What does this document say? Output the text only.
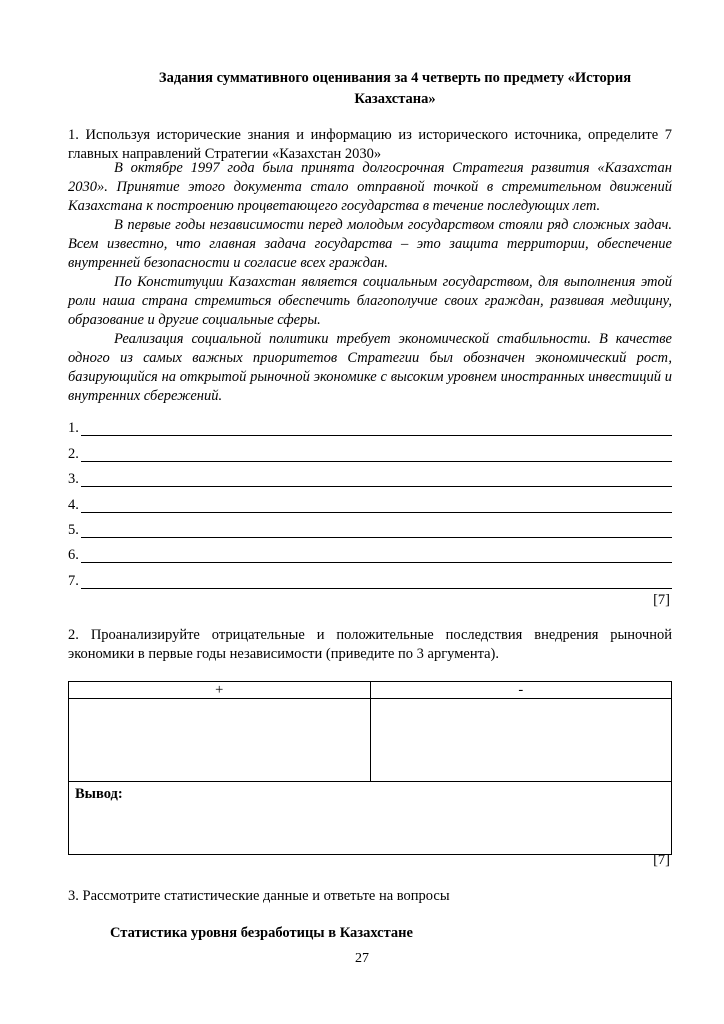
Задания суммативного оценивания за 4 четверть по предмету «История Казахстана»
1. Используя исторические знания и информацию из исторического источника, определите 7 главных направлений Стратегии «Казахстан 2030»

В октябре 1997 года была принята долгосрочная Стратегия развития «Казахстан 2030». Принятие этого документа стало отправной точкой в стремительном движений Казахстана к построению процветающего государства в течение последующих лет.

В первые годы независимости перед молодым государством стояли ряд сложных задач. Всем известно, что главная задача государства – это защита территории, обеспечение внутренней безопасности и согласие всех граждан.

По Конституции Казахстан является социальным государством, для выполнения этой роли наша страна стремиться обеспечить благополучие своих граждан, развивая медицину, образование и другие социальные сферы.

Реализация социальной политики требует экономической стабильности. В качестве одного из самых важных приоритетов Стратегии был обозначен экономический рост, базирующийся на открытой рыночной экономике с высоким уровнем иностранных инвестиций и внутренних сбережений.

1.
2.
3.
4.
5.
6.
7.
[7]
2. Проанализируйте отрицательные и положительные последствия внедрения рыночной экономики в первые годы независимости (приведите по 3 аргумента).
+	-

Вывод:	
[7]
3. Рассмотрите статистические данные и ответьте на вопросы
Статистика уровня безработицы в Казахстане
27
